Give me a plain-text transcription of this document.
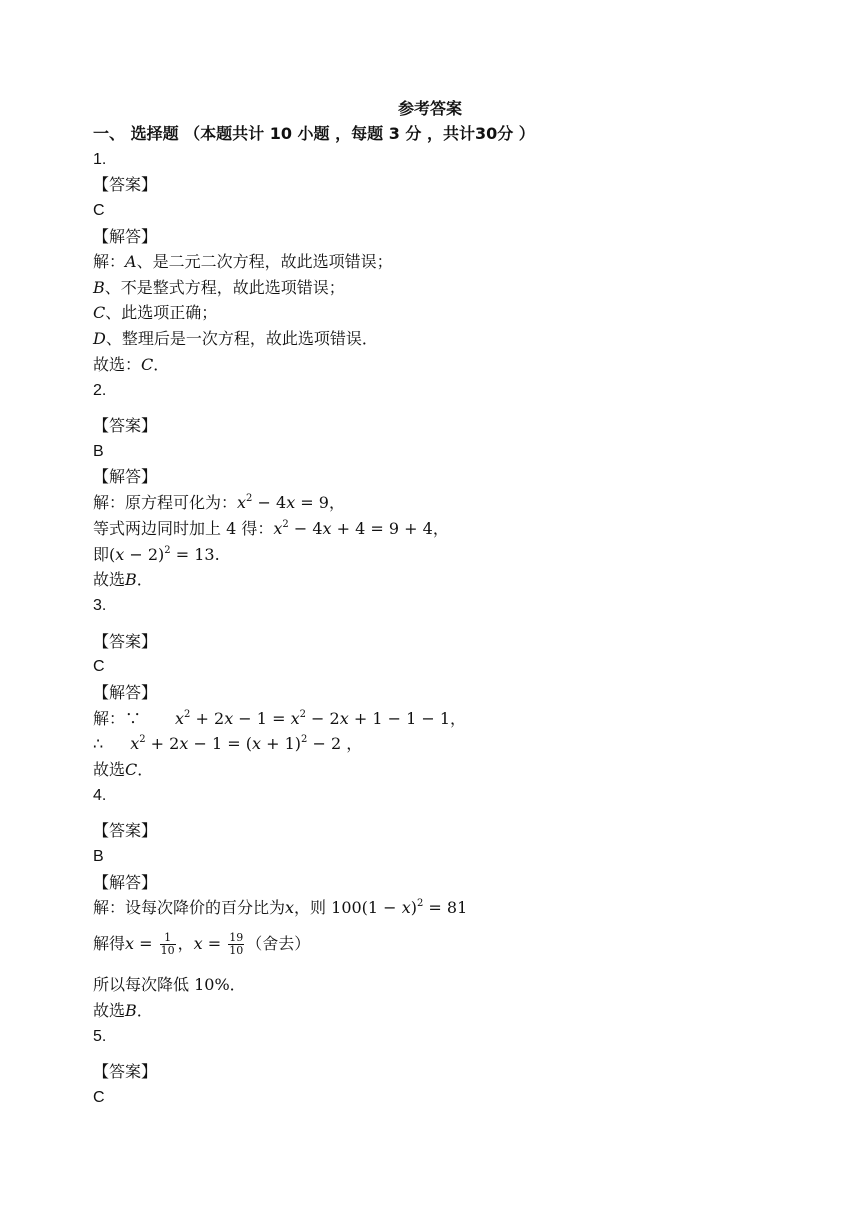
参考答案
一、 选择题 （本题共计 10 小题 ，每题 3 分 ，共计30分 ）
1.
【答案】
C
【解答】
解：A、是二元二次方程，故此选项错误；
B、不是整式方程，故此选项错误；
C、此选项正确；
D、整理后是一次方程，故此选项错误．
故选：C．
2.
【答案】
B
【解答】
解：原方程可化为：$x^2 - 4x = 9$，
等式两边同时加上 4 得：$x^2 - 4x + 4 = 9 + 4$，
即$(x - 2)^2 = 13$.
故选B．
3.
【答案】
C
【解答】
解：∵ $x^2 + 2x - 1 = x^2 - 2x + 1 - 1 - 1$，
∴ $x^2 + 2x - 1 = (x + 1)^2 - 2$ ，
故选C．
4.
【答案】
B
【解答】
解：设每次降价的百分比为x，则 $100(1 - x)^2 = 81$
解得$x = \frac{1}{10}$ ，$x = \frac{19}{10}$ （舍去）
所以每次降低 10%．
故选B．
5.
【答案】
C
